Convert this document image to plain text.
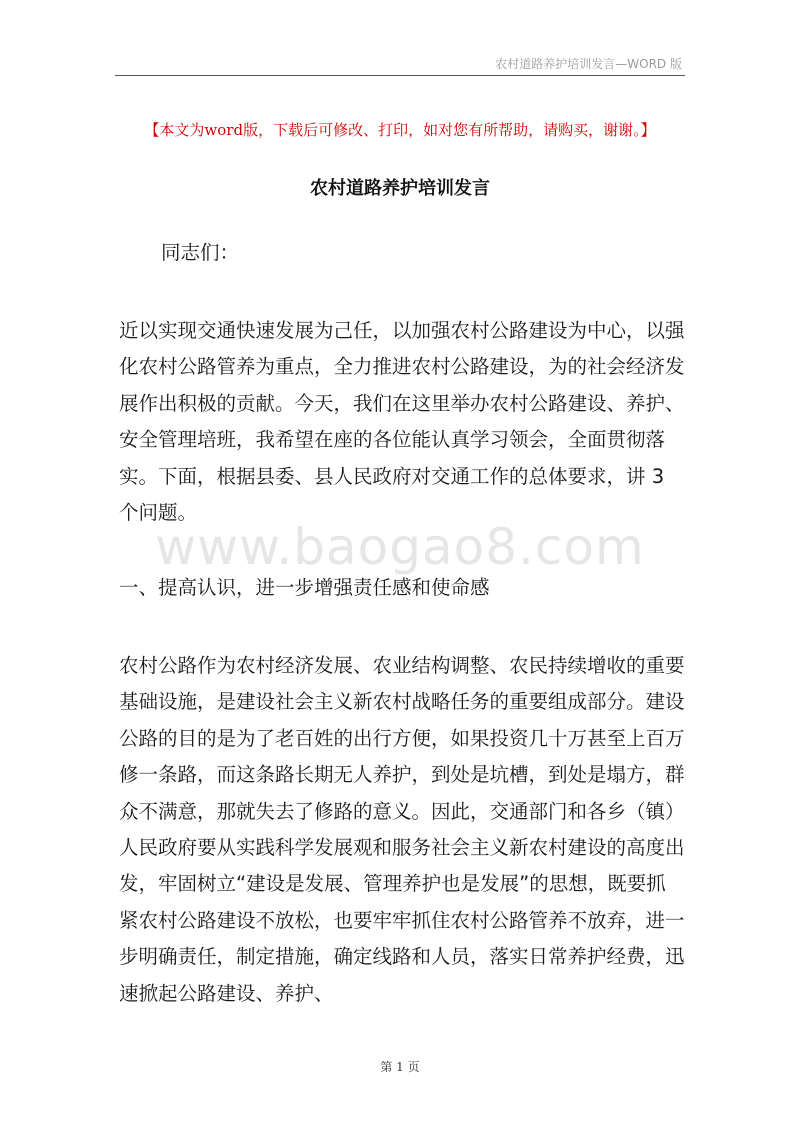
农村道路养护培训发言—WORD 版
【本文为word版，下载后可修改、打印，如对您有所帮助，请购买，谢谢。】
农村道路养护培训发言
同志们：
近以实现交通快速发展为己任，以加强农村公路建设为中心，以强化农村公路管养为重点，全力推进农村公路建设，为的社会经济发展作出积极的贡献。今天，我们在这里举办农村公路建设、养护、安全管理培班，我希望在座的各位能认真学习领会，全面贯彻落实。下面，根据县委、县人民政府对交通工作的总体要求，讲 3 个问题。
www.baogao8.com
一、提高认识，进一步增强责任感和使命感
农村公路作为农村经济发展、农业结构调整、农民持续增收的重要基础设施，是建设社会主义新农村战略任务的重要组成部分。建设公路的目的是为了老百姓的出行方便，如果投资几十万甚至上百万修一条路，而这条路长期无人养护，到处是坑槽，到处是塌方，群众不满意，那就失去了修路的意义。因此，交通部门和各乡（镇）人民政府要从实践科学发展观和服务社会主义新农村建设的高度出发，牢固树立“建设是发展、管理养护也是发展”的思想，既要抓紧农村公路建设不放松，也要牢牢抓住农村公路管养不放弃，进一步明确责任，制定措施，确定线路和人员，落实日常养护经费，迅速掀起公路建设、养护、
第 1 页
